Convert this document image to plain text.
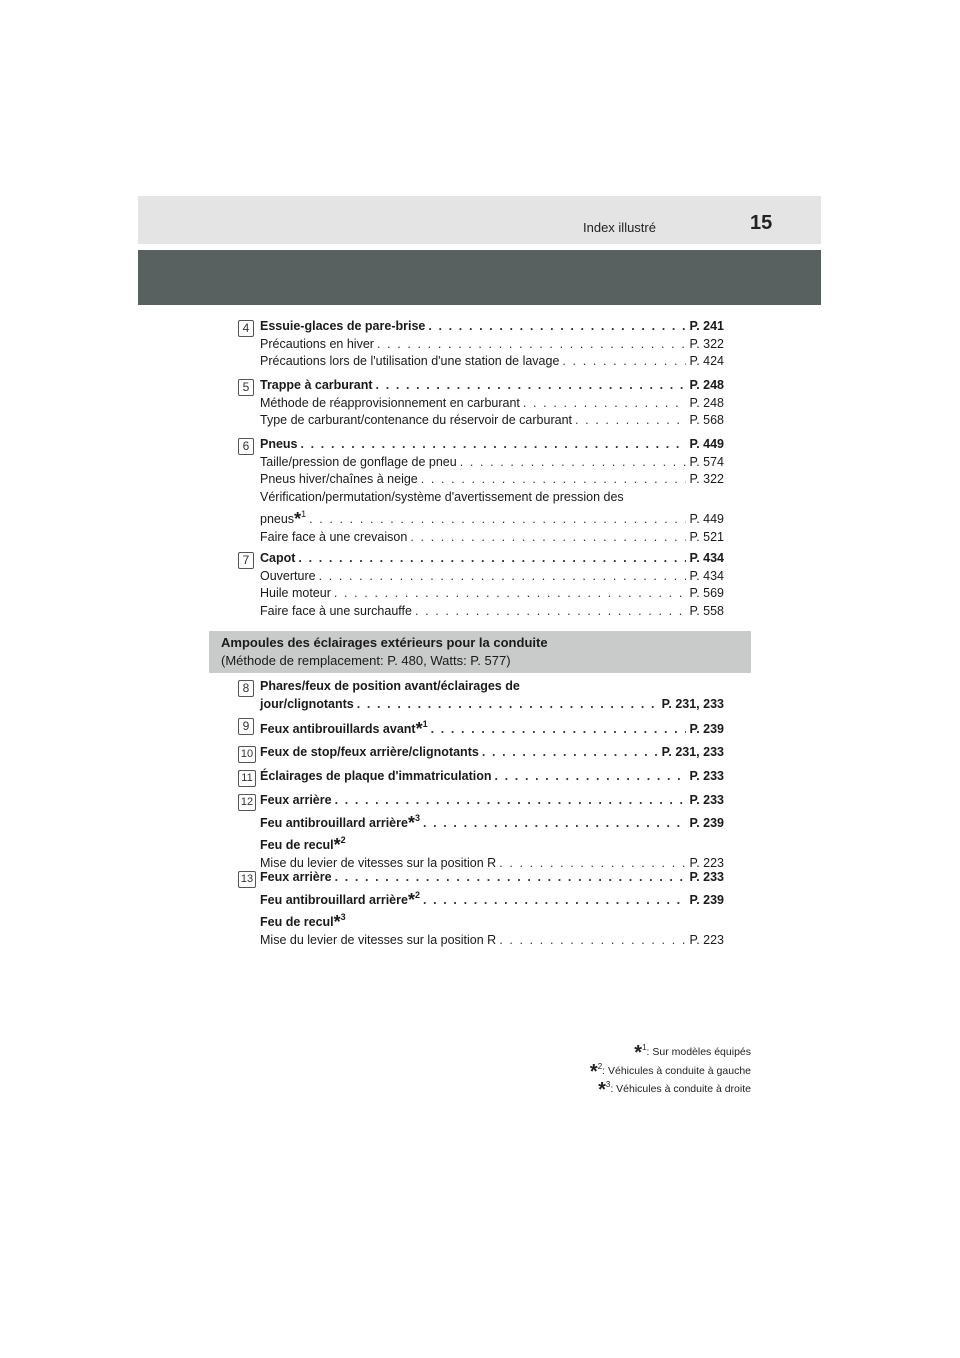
Index illustré	15
4 Essuie-glaces de pare-brise . . .	P. 241
Précautions en hiver . . .	P. 322
Précautions lors de l'utilisation d'une station de lavage . . .	P. 424
5 Trappe à carburant . . .	P. 248
Méthode de réapprovisionnement en carburant . . .	P. 248
Type de carburant/contenance du réservoir de carburant . . .	P. 568
6 Pneus . . .	P. 449
Taille/pression de gonflage de pneu . . .	P. 574
Pneus hiver/chaînes à neige . . .	P. 322
Vérification/permutation/système d'avertissement de pression des
pneus*$^1$ . . .	P. 449
Faire face à une crevaison . . .	P. 521
7 Capot . . .	P. 434
Ouverture . . .	P. 434
Huile moteur . . .	P. 569
Faire face à une surchauffe . . .	P. 558
Ampoules des éclairages extérieurs pour la conduite
(Méthode de remplacement: P. 480, Watts: P. 577)
8 Phares/feux de position avant/éclairages de
jour/clignotants . . .	P. 231, 233
9 Feux antibrouillards avant*$^1$ . . .	P. 239
10 Feux de stop/feux arrière/clignotants . . .	P. 231, 233
11 Éclairages de plaque d'immatriculation . . .	P. 233
12 Feux arrière . . .	P. 233
Feu antibrouillard arrière*$^3$ . . .	P. 239
Feu de recul*$^2$
Mise du levier de vitesses sur la position R . . .	P. 223
13 Feux arrière . . .	P. 233
Feu antibrouillard arrière*$^2$ . . .	P. 239
Feu de recul*$^3$
Mise du levier de vitesses sur la position R . . .	P. 223
*$^1$: Sur modèles équipés
*$^2$: Véhicules à conduite à gauche
*$^3$: Véhicules à conduite à droite
